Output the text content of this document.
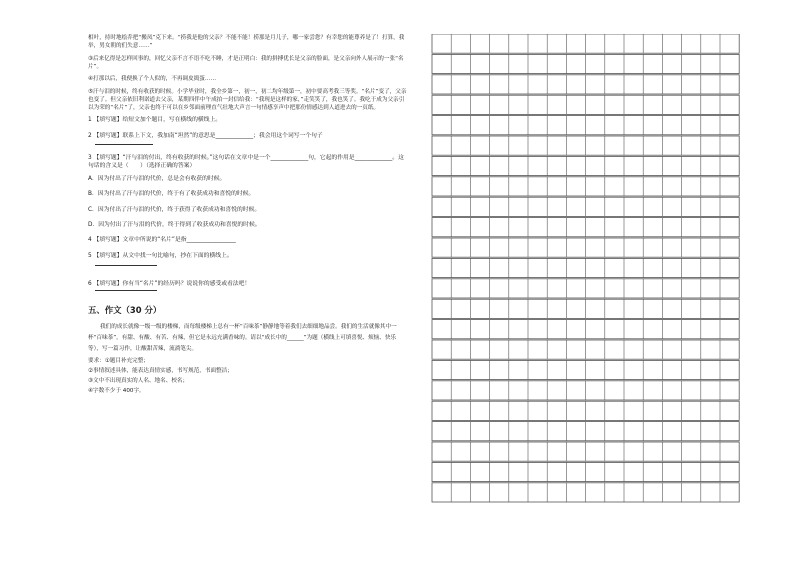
相叶，持时地绘乔把“搬凤”克下来。“捞我是他的父亲？不能不能！捞那是月儿子，哪一家尝您？有幸您的能尊养是了！打算，我举，男女朝的们失意……”

③后来亿得是怎样回事的，回忆父亲不言不语不吃不睡，才是正明白：我的拼搏优长是父亲的脸面，是父亲向外人展示的一张“名片”。

④打那以后，我便换了个人似的，不再调皮捣蛋……

⑤汗与泪的时候，终有收获的时候。小学毕业时，我全乡第一，初一，初二均年级第一，初中要高考我三等奖。“名片”变了，父亲也变了。但父亲依旧利诺道去父亲，某期四伴中午成拍一封信给我：“我现是这样的家，”走笑笑了，我也笑了。我吃于成为父亲引以为荣的“名片”了，父亲也终于可以在乡邻面前理直气壮地大声言一句情感享声中把那份情感达到人道进去的一页纸。

1 【填写题】给短文加个题目，写在横线的横线上。

2 【填写题】联系上下文，我加南“坦然”的意思是_____________；我会用这个词写一个句子

3 【填写题】“汗与泪的付出，终有收获的时候。”这句话在文章中是一个_____________句，它起的作用是_____________。这句话的含义是（　　）（选择正确的答案）

A．因为付出了汗与泪的代价，总是会有收获的时候。

B．因为付出了汗与泪的代价，终于有了收获成功和喜悦的时候。

C．因为付出了汗与泪的代价，终于获得了收获成功和喜悦的时候。

D．因为付出了汗与泪的代价，终于得到了收获成功和喜悦的时候。

4 【填写题】文章中所说的“名片”是指_________________

5 【填写题】从文中找一句比喻句，抄在下面的横线上。

6 【填写题】你有当“名片”的经历吗？说说你的感受或看法吧！

五、作文（30 分）

我们的成长就像一级一级的楼梯，而每级楼梯上总有一杯“百味茶”静静地等着我们去细细地品尝。我们的生活就像其中一杯“百味茶”，有甜、有酸、有苦、有辣，但它是永远充满香味的。请以“成长中的______”为题（横线上可填喜悦、烦恼、快乐等），写一篇习作，让酸甜苦辣，流淌笔尖。

要求：①题目补充完整；

②事情叙述具体，能表达真情实感，书写规范，书面整洁；

③文中不出现真实的人名、地名、校名；

④字数不少于 400字。
